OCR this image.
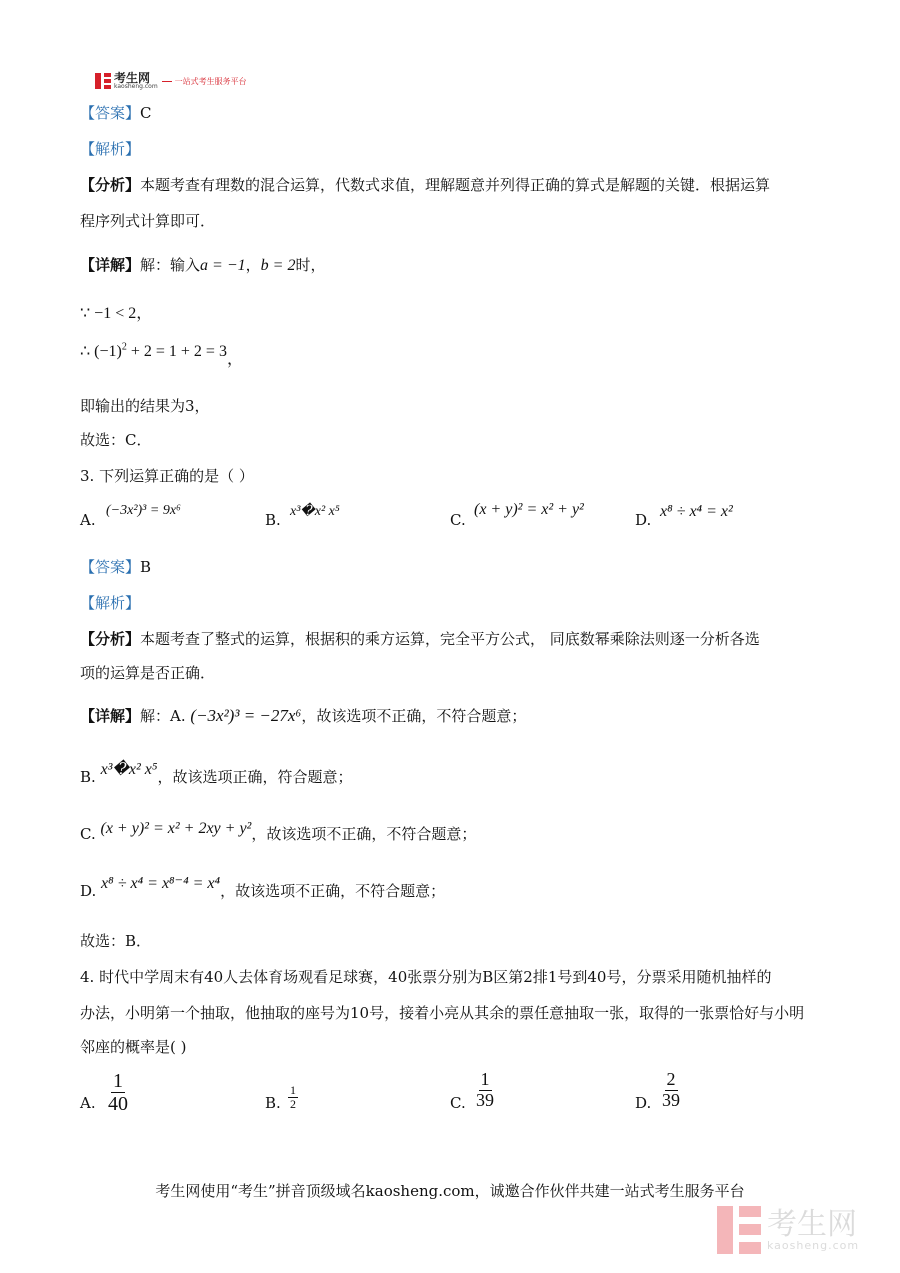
考生网
kaosheng.com
一站式考生服务平台
【答案】C
【解析】
【分析】本题考查有理数的混合运算，代数式求值，理解题意并列得正确的算式是解题的关键．根据运算
程序列式计算即可．
【详解】解：输入a = −1，b = 2时，
∵ −1 < 2，
∴ $(-1)^2 + 2 = 1 + 2 = 3$，
即输出的结果为3，
故选：C．
3. 下列运算正确的是（ ）
A.
(−3x²)³ = 9x⁶
B. x³�x² x⁵	C.
(x + y)² = x² + y²
D. x⁸ ÷ x⁴ = x²
【答案】B
【解析】
【分析】本题考查了整式的运算，根据积的乘方运算，完全平方公式， 同底数幂乘除法则逐一分析各选
项的运算是否正确．
【详解】解：A. (−3x²)³ = −27x⁶，故该选项不正确，不符合题意；
B. x³�x² x⁵，故该选项正确，符合题意；
C. (x + y)² = x² + 2xy + y²，故该选项不正确，不符合题意；
D. x⁸ ÷ x⁴ = x⁸⁻⁴ = x⁴，故该选项不正确，不符合题意；
故选：B．
4. 时代中学周末有40人去体育场观看足球赛，40张票分别为B区第2排1号到40号，分票采用随机抽样的
办法，小明第一个抽取，他抽取的座号为10号，接着小亮从其余的票任意抽取一张，取得的一张票恰好与小明
邻座的概率是( )
A. $\frac{1}{40}$	B. $\frac{1}{2}$	C. $\frac{1}{39}$	D. $\frac{2}{39}$
考生网使用“考生”拼音顶级域名kaosheng.com，诚邀合作伙伴共建一站式考生服务平台
考生网
kaosheng.com
